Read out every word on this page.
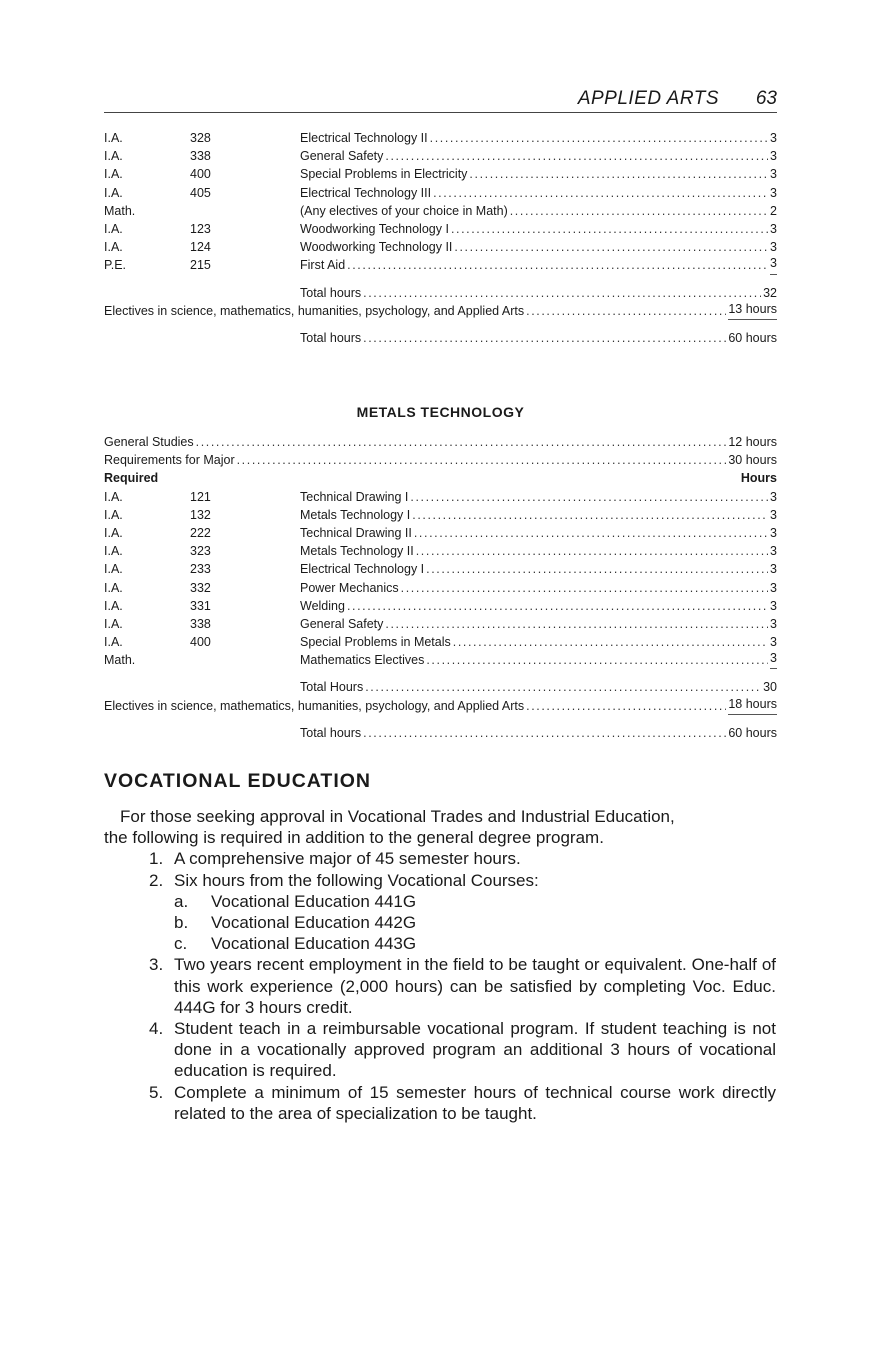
APPLIED ARTS 63
I.A.	328	Electrical Technology II .....	3
I.A.	338	General Safety .....	3
I.A.	400	Special Problems in Electricity .....	3
I.A.	405	Electrical Technology III .....	3
Math.	(Any electives of your choice in Math) .....	2
I.A.	123	Woodworking Technology I .....	3
I.A.	124	Woodworking Technology II .....	3
P.E.	215	First Aid .....	3
Total hours .....	32
Electives in science, mathematics, humanities, psychology, and Applied Arts .....	13 hours
Total hours .....	60 hours
METALS TECHNOLOGY
General Studies .....	12 hours
Requirements for Major .....	30 hours
Required	Hours
I.A.	121	Technical Drawing I .....	3
I.A.	132	Metals Technology I .....	3
I.A.	222	Technical Drawing II .....	3
I.A.	323	Metals Technology II .....	3
I.A.	233	Electrical Technology I .....	3
I.A.	332	Power Mechanics .....	3
I.A.	331	Welding .....	3
I.A.	338	General Safety .....	3
I.A.	400	Special Problems in Metals .....	3
Math.	Mathematics Electives .....	3
Total Hours .....	30
Electives in science, mathematics, humanities, psychology, and Applied Arts .....	18 hours
Total hours .....	60 hours
VOCATIONAL EDUCATION

For those seeking approval in Vocational Trades and Industrial Education,

the following is required in addition to the general degree program.

1. A comprehensive major of 45 semester hours.
2. Six hours from the following Vocational Courses:
a. Vocational Education 441G
b. Vocational Education 442G
c. Vocational Education 443G
3. Two years recent employment in the field to be taught or equivalent. One-half of this work experience (2,000 hours) can be satisfied by completing Voc. Educ. 444G for 3 hours credit.
4. Student teach in a reimbursable vocational program. If student teaching is not done in a vocationally approved program an additional 3 hours of vocational education is required.
5. Complete a minimum of 15 semester hours of technical course work directly related to the area of specialization to be taught.
